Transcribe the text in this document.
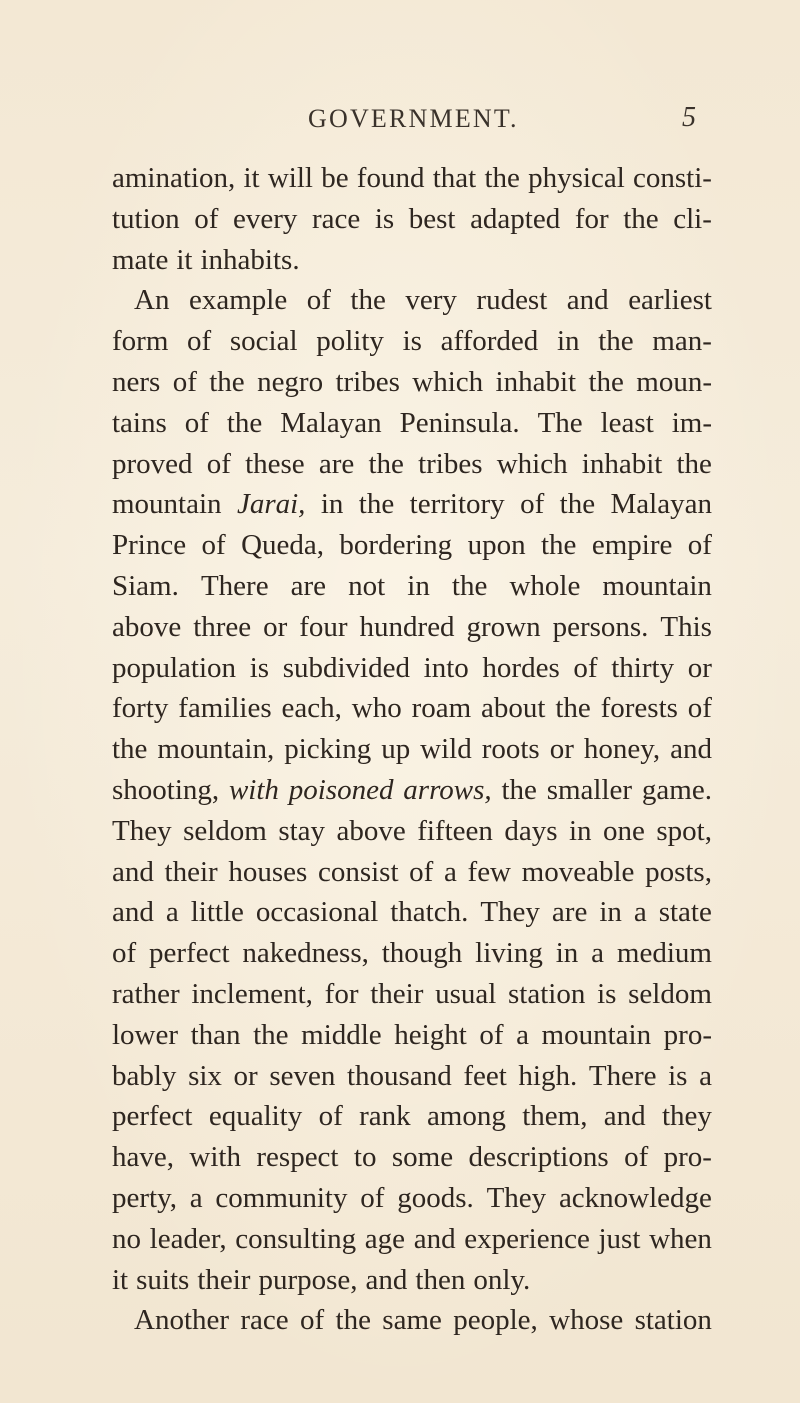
GOVERNMENT.	5
amination, it will be found that the physical consti-
tution of every race is best adapted for the cli-
mate it inhabits.
An example of the very rudest and earliest
form of social polity is afforded in the man-
ners of the negro tribes which inhabit the moun-
tains of the Malayan Peninsula. The least im-
proved of these are the tribes which inhabit the
mountain Jarai, in the territory of the Malayan
Prince of Queda, bordering upon the empire of
Siam. There are not in the whole mountain
above three or four hundred grown persons. This
population is subdivided into hordes of thirty or
forty families each, who roam about the forests of
the mountain, picking up wild roots or honey, and
shooting, with poisoned arrows, the smaller game.
They seldom stay above fifteen days in one spot,
and their houses consist of a few moveable posts,
and a little occasional thatch. They are in a state
of perfect nakedness, though living in a medium
rather inclement, for their usual station is seldom
lower than the middle height of a mountain pro-
bably six or seven thousand feet high. There is a
perfect equality of rank among them, and they
have, with respect to some descriptions of pro-
perty, a community of goods. They acknowledge
no leader, consulting age and experience just when
it suits their purpose, and then only.
Another race of the same people, whose station
